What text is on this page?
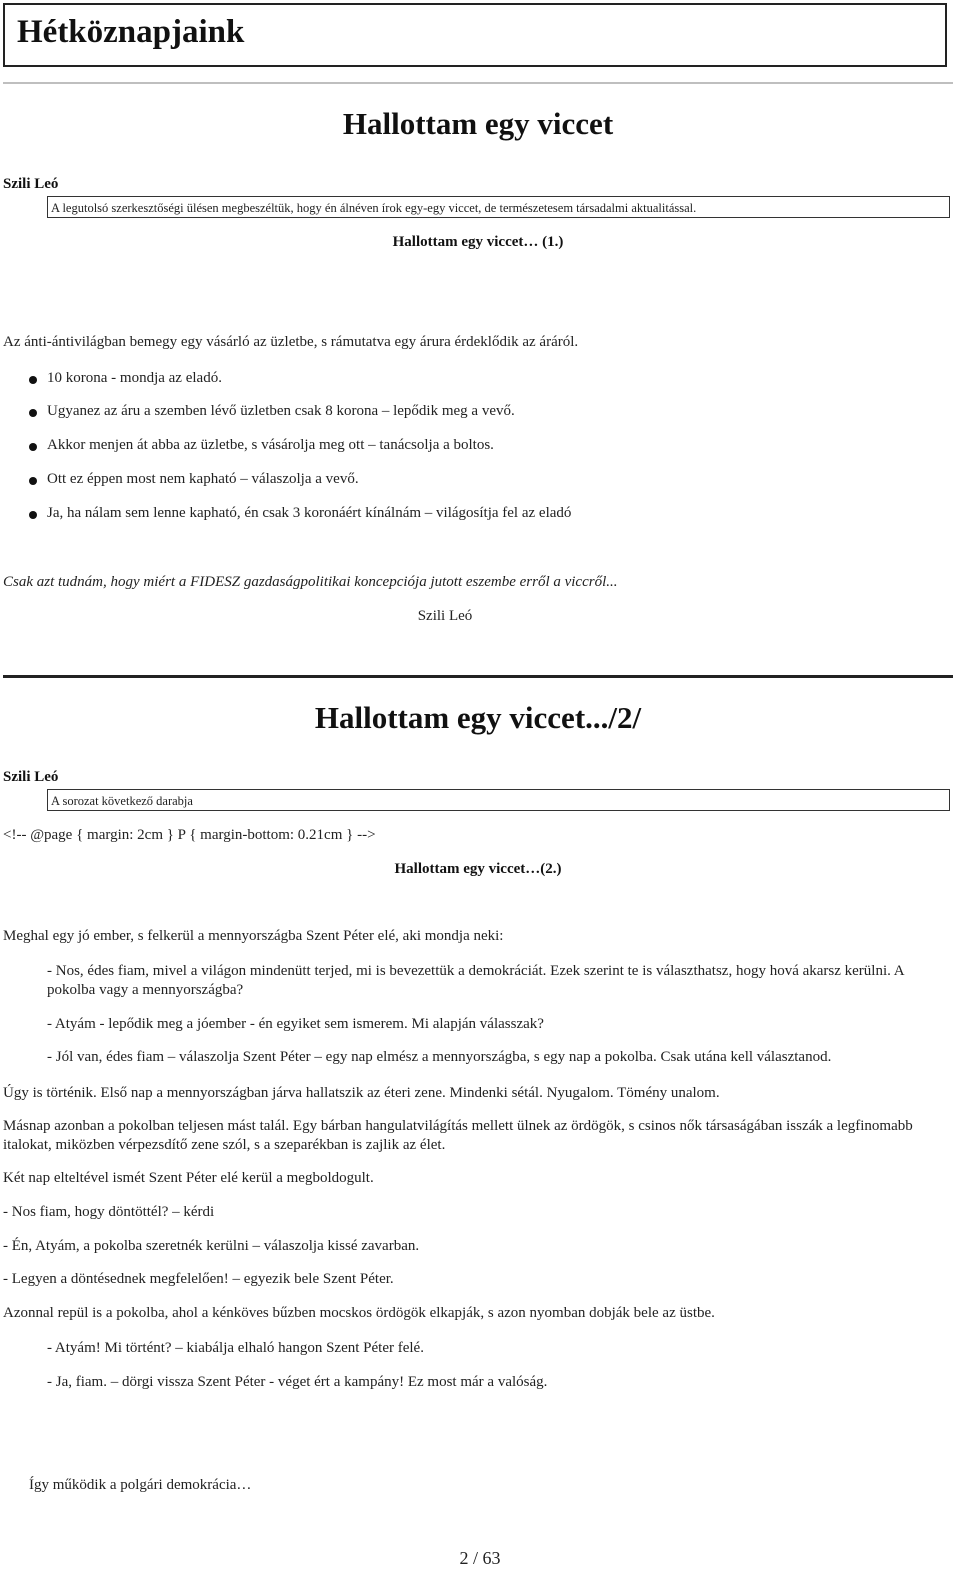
Hétköznapjaink
Hallottam egy viccet
Szili Leó
A legutolsó szerkesztőségi ülésen megbeszéltük, hogy én álnéven írok egy-egy viccet, de természetesem társadalmi aktualitással.
Hallottam egy viccet… (1.)
Az ánti-ántivilágban bemegy egy vásárló az üzletbe, s rámutatva egy árura érdeklődik az áráról.
10 korona - mondja az eladó.
Ugyanez az áru a szemben lévő üzletben csak 8 korona – lepődik meg a vevő.
Akkor menjen át abba az üzletbe, s vásárolja meg ott – tanácsolja a boltos.
Ott ez éppen most nem kapható – válaszolja a vevő.
Ja, ha nálam sem lenne kapható, én csak 3 koronáért kínálnám – világosítja fel az eladó
Csak azt tudnám, hogy miért a FIDESZ gazdaságpolitikai koncepciója jutott eszembe erről a viccről...
Szili Leó
Hallottam egy viccet.../2/
Szili Leó
A sorozat következő darabja
<!-- @page { margin: 2cm } P { margin-bottom: 0.21cm } -->
Hallottam egy viccet…(2.)
Meghal egy jó ember, s felkerül a mennyországba Szent Péter elé, aki mondja neki:
- Nos, édes fiam, mivel a világon mindenütt terjed, mi is bevezettük a demokráciát. Ezek szerint te is választhatsz, hogy hová akarsz kerülni. A
pokolba vagy a mennyországba?
- Atyám - lepődik meg a jóember - én egyiket sem ismerem. Mi alapján válasszak?
- Jól van, édes fiam – válaszolja Szent Péter – egy nap elmész a mennyországba, s egy nap a pokolba. Csak utána kell választanod.
Úgy is történik. Első nap a mennyországban járva hallatszik az éteri zene. Mindenki sétál. Nyugalom. Tömény unalom.
Másnap azonban a pokolban teljesen mást talál. Egy bárban hangulatvilágítás mellett ülnek az ördögök, s csinos nők társaságában isszák a legfinomabb
italokat, miközben vérpezsdítő zene szól, s a szeparékban is zajlik az élet.
Két nap elteltével ismét Szent Péter elé kerül a megboldogult.
- Nos fiam, hogy döntöttél? – kérdi
- Én, Atyám, a pokolba szeretnék kerülni – válaszolja kissé zavarban.
- Legyen a döntésednek megfelelően! – egyezik bele Szent Péter.
Azonnal repül is a pokolba, ahol a kénköves bűzben mocskos ördögök elkapják, s azon nyomban dobják bele az üstbe.
- Atyám! Mi történt? – kiabálja elhaló hangon Szent Péter felé.
- Ja, fiam. – dörgi vissza Szent Péter - véget ért a kampány! Ez most már a valóság.
Így működik a polgári demokrácia…
2 / 63
